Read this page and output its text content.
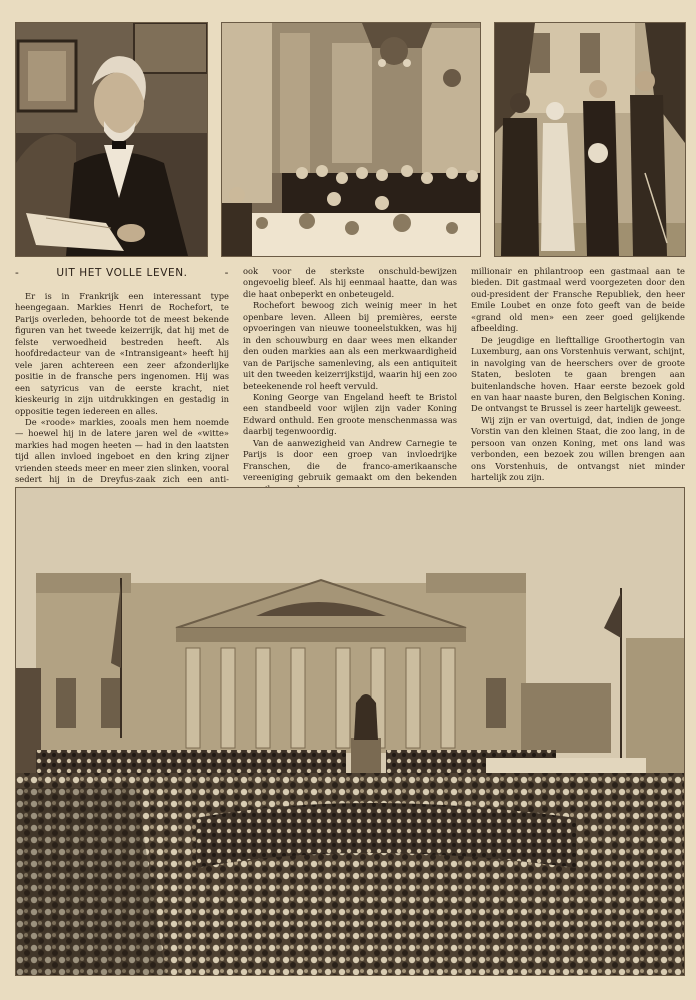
-	UIT HET VOLLE LEVEN.	-

Er is in Frankrijk een interessant type heengegaan. Markies Henri de Rochefort, te Parijs overleden, behoorde tot de meest bekende figuren van het tweede keizerrijk, dat hij met de felste verwoedheid bestreden heeft. Als hoofdredacteur van de «Intransigeant» heeft hij vele jaren achtereen een zeer afzonderlijke positie in de fransche pers ingenomen. Hij was een satyricus van de eerste kracht, niet kieskeurig in zijn uitdrukkingen en gestadig in oppositie tegen iedereen en alles.

De «roode» markies, zooals men hem noemde — hoewel hij in de latere jaren wel de «witte» markies had mogen heeten — had in den laatsten tijd allen invloed ingeboet en den kring zijner vrienden steeds meer en meer zien slinken, vooral sedert hij in de Dreyfus-zaak zich een anti-

ook voor de sterkste onschuld-bewijzen ongevoelig bleef. Als hij eenmaal haatte, dan was die haat onbeperkt en onbeteugeld.

Rochefort bewoog zich weinig meer in het openbare leven. Alleen bij premières, eerste opvoeringen van nieuwe tooneelstukken, was hij in den schouwburg en daar wees men elkander den ouden markies aan als een merkwaardigheid van de Parijsche samenleving, als een antiquiteit uit den tweeden keizerrijkstijd, waarin hij een zoo beteekenende rol heeft vervuld.

Koning George van Engeland heeft te Bristol een standbeeld voor wijlen zijn vader Koning Edward onthuld. Een groote menschenmassa was daarbij tegenwoordig.

Van de aanwezigheid van Andrew Carnegie te Parijs is door een groep van invloedrijke Franschen, die de franco-amerikaansche vereeniging gebruik gemaakt om den bekenden

millionair en philantroop een gastmaal aan te bieden. Dit gastmaal werd voorgezeten door den oud-president der Fransche Republiek, den heer Emile Loubet en onze foto geeft van de beide «grand old men» een zeer goed gelijkende afbeelding.

De jeugdige en liefttallige Groothertogin van Luxemburg, aan ons Vorstenhuis verwant, schijnt, in navolging van de heerschers over de groote Staten, besloten te gaan brengen aan buitenlandsche hoven. Haar eerste bezoek gold en van haar naaste buren, den Belgischen Koning. De ontvangst te Brussel is zeer hartelijk geweest.

Wij zijn er van overtuigd, dat, indien de jonge Vorstin van den kleinen Staat, die zoo lang, in de persoon van onzen Koning, met ons land was verbonden, een bezoek zou willen brengen aan ons Vorstenhuis, de ontvangst niet minder hartelijk zou zijn.
